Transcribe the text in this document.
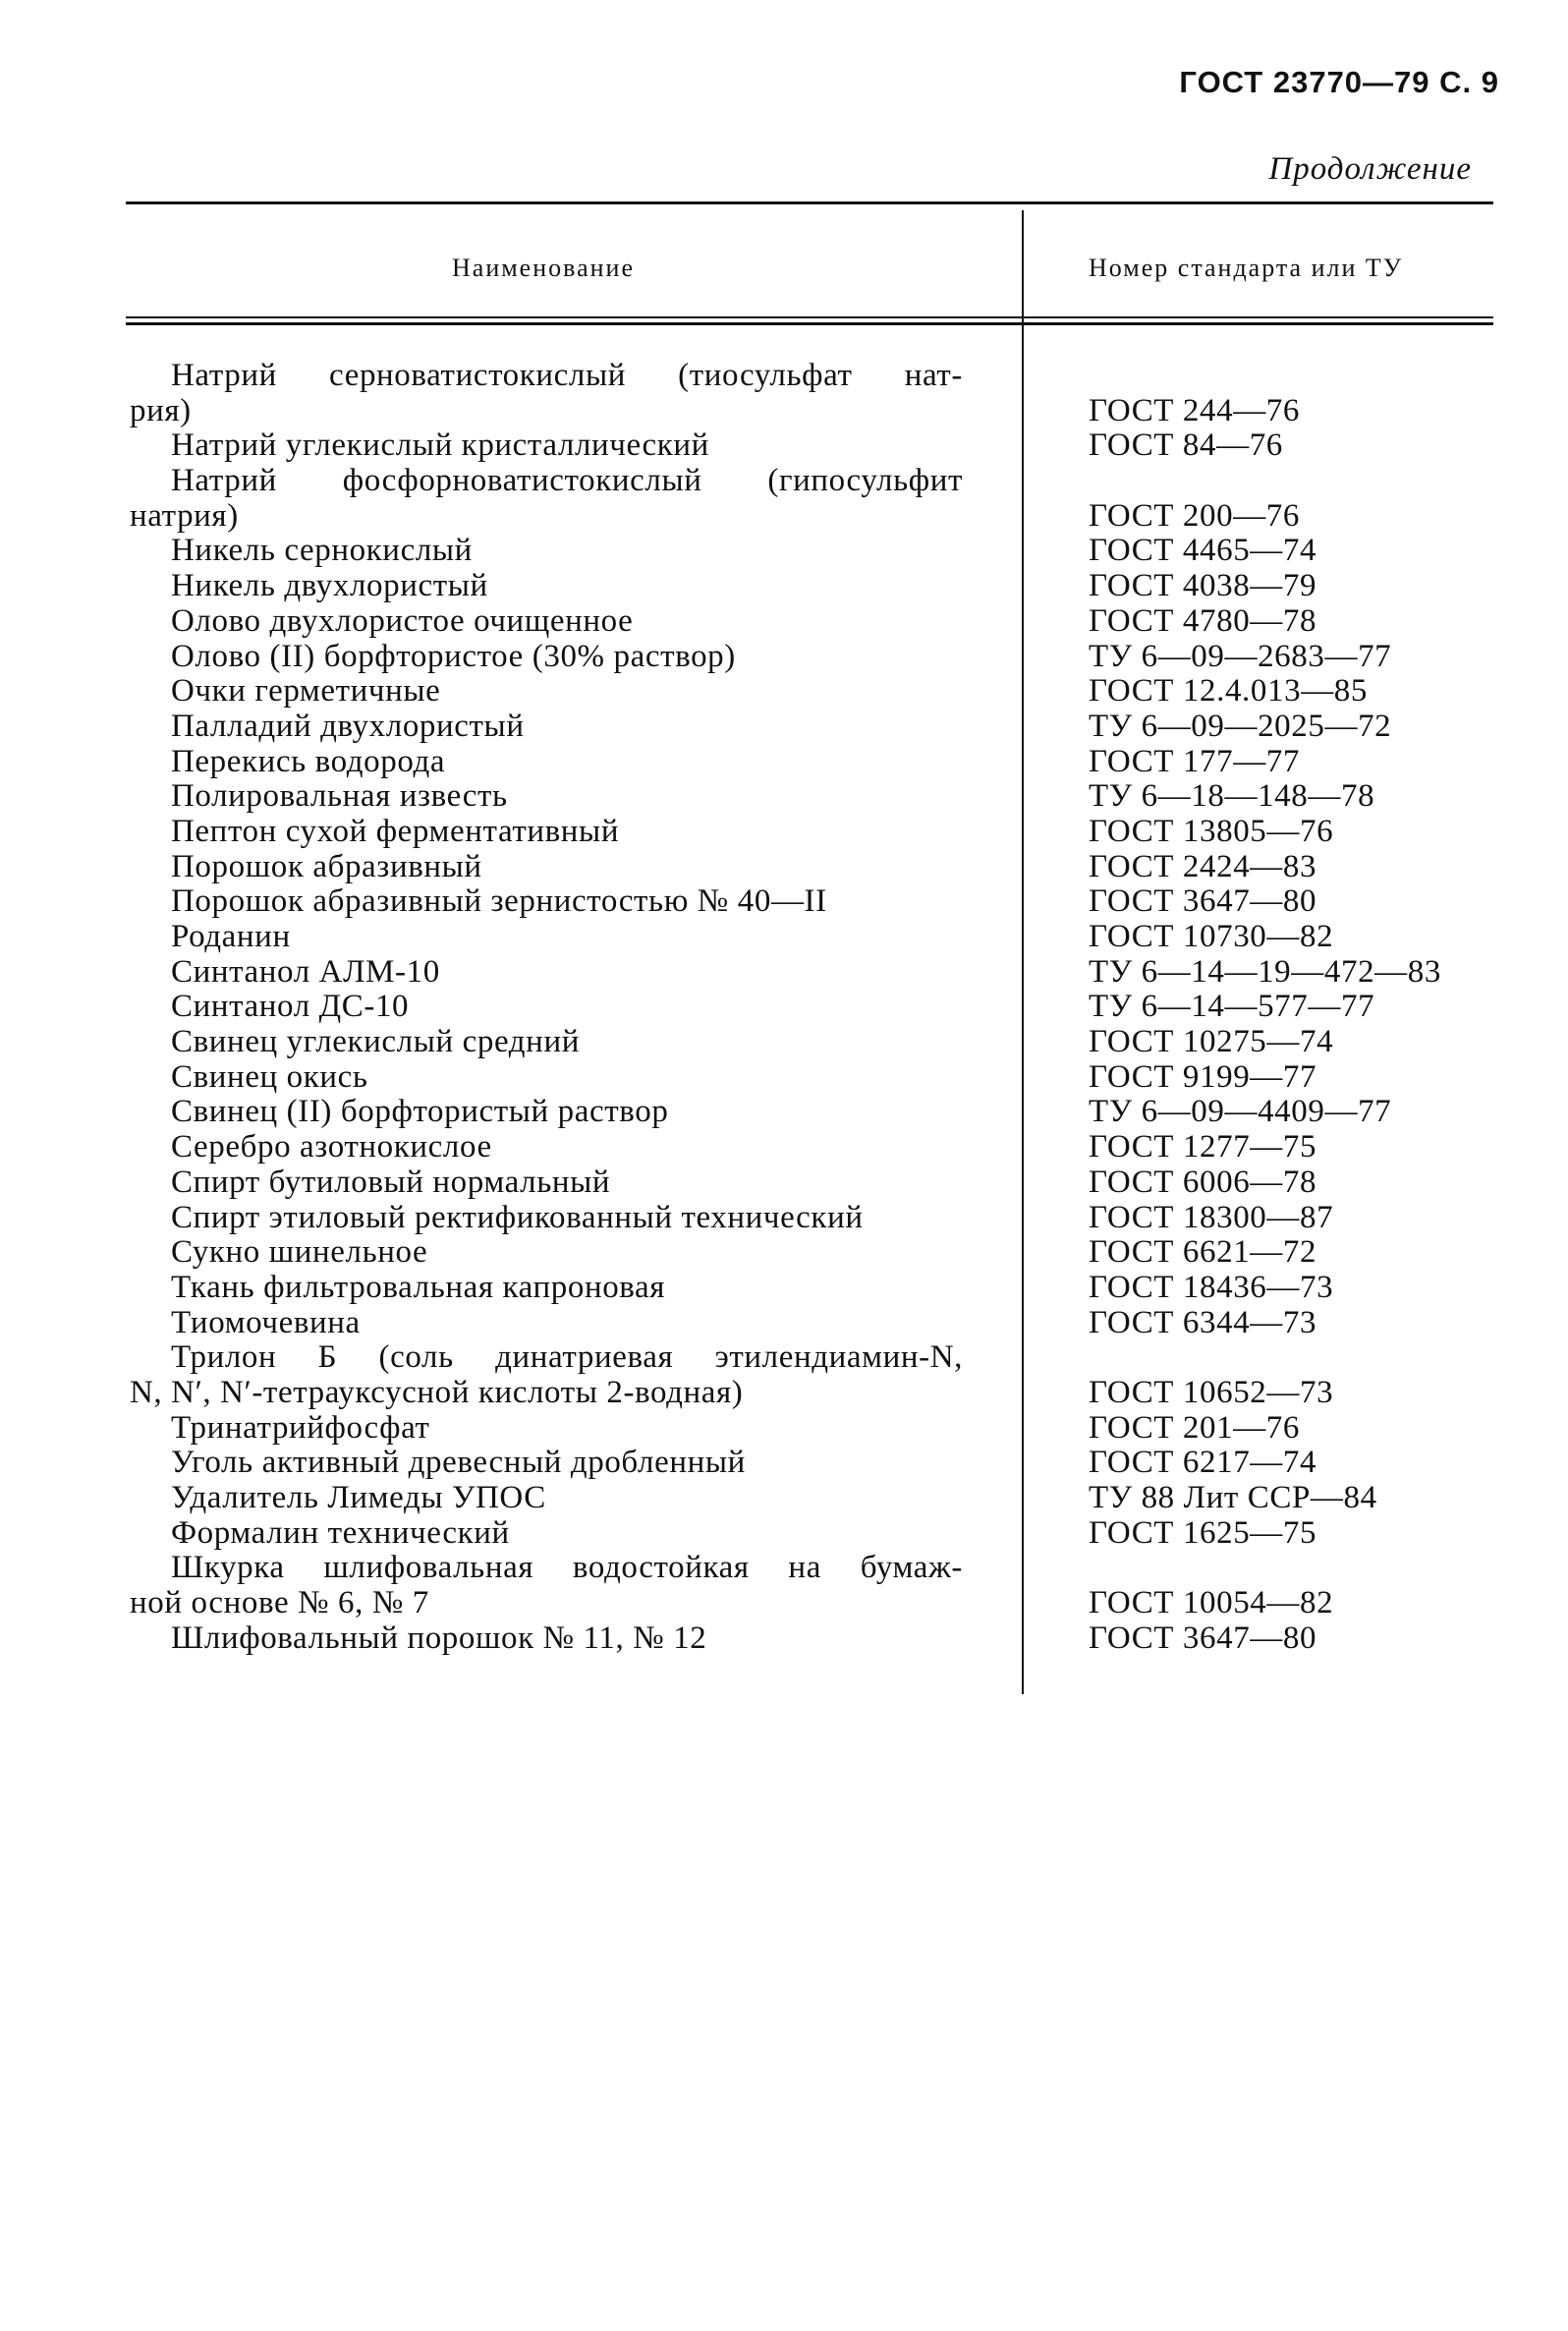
ГОСТ 23770—79 С. 9
Продолжение
Наименование	Номер стандарта или ТУ
Натрий серноватистокислый (тиосульфат нат-
рия)	ГОСТ 244—76
Натрий углекислый кристаллический	ГОСТ 84—76
Натрий фосфорноватистокислый (гипосульфит
натрия)	ГОСТ 200—76
Никель сернокислый	ГОСТ 4465—74
Никель двухлористый	ГОСТ 4038—79
Олово двухлористое очищенное	ГОСТ 4780—78
Олово (II) борфтористое (30% раствор)	ТУ 6—09—2683—77
Очки герметичные	ГОСТ 12.4.013—85
Палладий двухлористый	ТУ 6—09—2025—72
Перекись водорода	ГОСТ 177—77
Полировальная известь	ТУ 6—18—148—78
Пептон сухой ферментативный	ГОСТ 13805—76
Порошок абразивный	ГОСТ 2424—83
Порошок абразивный зернистостью № 40—II	ГОСТ 3647—80
Роданин	ГОСТ 10730—82
Синтанол АЛМ-10	ТУ 6—14—19—472—83
Синтанол ДС-10	ТУ 6—14—577—77
Свинец углекислый средний	ГОСТ 10275—74
Свинец окись	ГОСТ 9199—77
Свинец (II) борфтористый раствор	ТУ 6—09—4409—77
Серебро азотнокислое	ГОСТ 1277—75
Спирт бутиловый нормальный	ГОСТ 6006—78
Спирт этиловый ректификованный технический	ГОСТ 18300—87
Сукно шинельное	ГОСТ 6621—72
Ткань фильтровальная капроновая	ГОСТ 18436—73
Тиомочевина	ГОСТ 6344—73
Трилон Б (соль динатриевая этилендиамин-N,
N, N′, N′-тетрауксусной кислоты 2-водная)	ГОСТ 10652—73
Тринатрийфосфат	ГОСТ 201—76
Уголь активный древесный дробленный	ГОСТ 6217—74
Удалитель Лимеды УПОС	ТУ 88 Лит ССР—84
Формалин технический	ГОСТ 1625—75
Шкурка шлифовальная водостойкая на бумаж-
ной основе № 6, № 7	ГОСТ 10054—82
Шлифовальный порошок № 11, № 12	ГОСТ 3647—80
